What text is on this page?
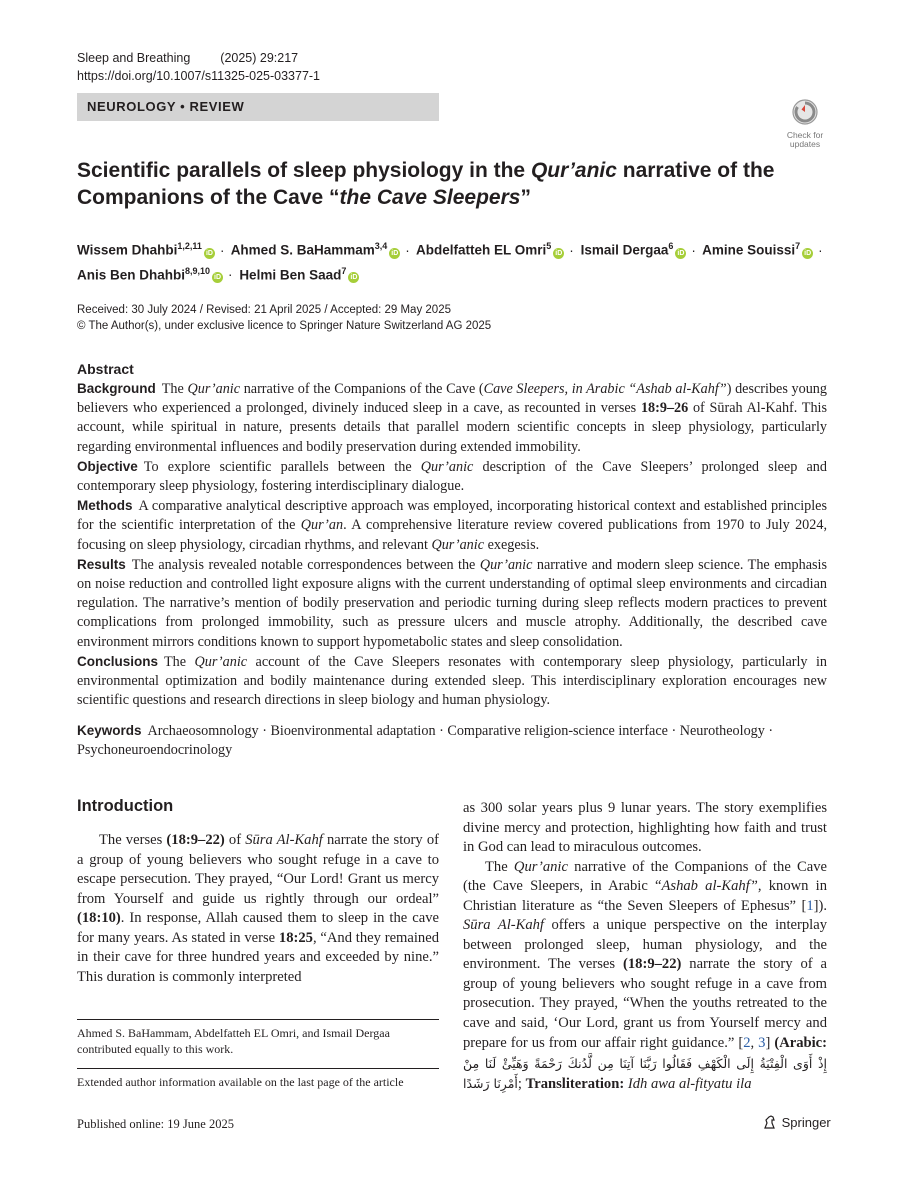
Sleep and Breathing (2025) 29:217
https://doi.org/10.1007/s11325-025-03377-1
NEUROLOGY • REVIEW
Check for
updates
Scientific parallels of sleep physiology in the Qur’anic narrative of the Companions of the Cave “the Cave Sleepers”
Wissem Dhahbi$^{1,2,11}$iD · Ahmed S. BaHammam$^{3,4}$iD · Abdelfatteh EL Omri$^5$iD · Ismail Dergaa$^6$iD · Amine Souissi$^7$iD ·
Anis Ben Dhahbi$^{8,9,10}$iD · Helmi Ben Saad$^7$iD
Received: 30 July 2024 / Revised: 21 April 2025 / Accepted: 29 May 2025
© The Author(s), under exclusive licence to Springer Nature Switzerland AG 2025
Abstract

Background The Qur’anic narrative of the Companions of the Cave (Cave Sleepers, in Arabic “Ashab al-Kahf”) describes young believers who experienced a prolonged, divinely induced sleep in a cave, as recounted in verses 18:9–26 of Sūrah Al-Kahf. This account, while spiritual in nature, presents details that parallel modern scientific concepts in sleep physiology, particularly regarding environmental influences and bodily preservation during extended immobility.

Objective To explore scientific parallels between the Qur’anic description of the Cave Sleepers’ prolonged sleep and contemporary sleep physiology, fostering interdisciplinary dialogue.

Methods A comparative analytical descriptive approach was employed, incorporating historical context and established principles for the scientific interpretation of the Qur’an. A comprehensive literature review covered publications from 1970 to July 2024, focusing on sleep physiology, circadian rhythms, and relevant Qur’anic exegesis.

Results The analysis revealed notable correspondences between the Qur’anic narrative and modern sleep science. The emphasis on noise reduction and controlled light exposure aligns with the current understanding of optimal sleep environments and circadian regulation. The narrative’s mention of bodily preservation and periodic turning during sleep reflects modern practices to prevent complications from prolonged immobility, such as pressure ulcers and muscle atrophy. Additionally, the described cave environment mirrors conditions known to support hypometabolic states and sleep consolidation.

Conclusions The Qur’anic account of the Cave Sleepers resonates with contemporary sleep physiology, particularly in environmental optimization and bodily maintenance during extended sleep. This interdisciplinary exploration encourages new scientific questions and research directions in sleep biology and human physiology.

Keywords Archaeosomnology · Bioenvironmental adaptation · Comparative religion-science interface · Neurotheology · Psychoneuroendocrinology
Introduction

The verses (18:9–22) of Sūra Al-Kahf narrate the story of a group of young believers who sought refuge in a cave to escape persecution. They prayed, “Our Lord! Grant us mercy from Yourself and guide us rightly through our ordeal” (18:10). In response, Allah caused them to sleep in the cave for many years. As stated in verse 18:25, “And they remained in their cave for three hundred years and exceeded by nine.” This duration is commonly interpreted

Ahmed S. BaHammam, Abdelfatteh EL Omri, and Ismail Dergaa contributed equally to this work.
Extended author information available on the last page of the article

as 300 solar years plus 9 lunar years. The story exemplifies divine mercy and protection, highlighting how faith and trust in God can lead to miraculous outcomes.

The Qur’anic narrative of the Companions of the Cave (the Cave Sleepers, in Arabic “Ashab al-Kahf”, known in Christian literature as “the Seven Sleepers of Ephesus” [1]). Sūra Al-Kahf offers a unique perspective on the interplay between prolonged sleep, human physiology, and the environment. The verses (18:9–22) narrate the story of a group of young believers who sought refuge in a cave from prosecution. They prayed, “When the youths retreated to the cave and said, ‘Our Lord, grant us from Yourself mercy and prepare for us from our affair right guidance.” [2, 3] (Arabic: إِذْ أَوَى الْفِتْيَةُ إِلَى الْكَهْفِ فَقَالُوا رَبَّنَا آتِنَا مِن لَّدُنكَ رَحْمَةً وَهَيِّئْ لَنَا مِنْ أَمْرِنَا رَشَدًا; Transliteration: Idh awa al-fityatu ila

Published online: 19 June 2025	Springer
